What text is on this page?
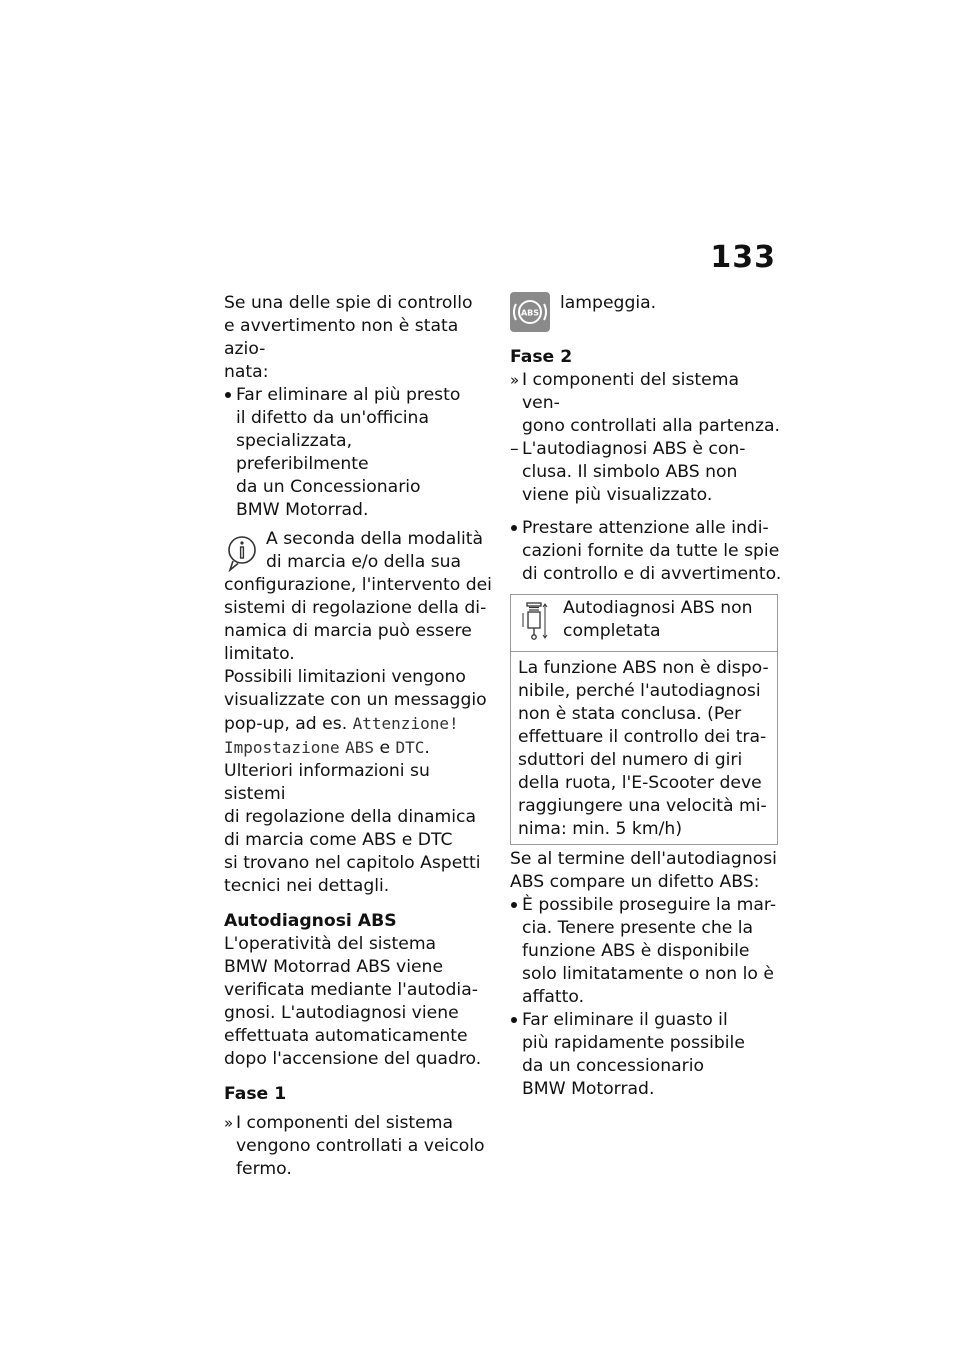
133

Se una delle spie di controllo e avvertimento non è stata azio-
nata:

Far eliminare al più presto
il difetto da un'officina
specializzata, preferibilmente
da un Concessionario
BMW Motorrad.

A seconda della modalità
di marcia e/o della sua

configurazione, l'intervento dei
sistemi di regolazione della di-
namica di marcia può essere
limitato.

Possibili limitazioni vengono
visualizzate con un messaggio
pop-up, ad es. Attenzione!
Impostazione ABS e DTC.

Ulteriori informazioni su sistemi
di regolazione della dinamica
di marcia come ABS e DTC
si trovano nel capitolo Aspetti
tecnici nei dettagli.

Autodiagnosi ABS

L'operatività del sistema
BMW Motorrad ABS viene
verificata mediante l'autodia-
gnosi. L'autodiagnosi viene
effettuata automaticamente
dopo l'accensione del quadro.

Fase 1

» I componenti del sistema
vengono controllati a veicolo
fermo.

ABS lampeggia.

Fase 2

» I componenti del sistema ven-
gono controllati alla partenza.

– L'autodiagnosi ABS è con-
clusa. Il simbolo ABS non
viene più visualizzato.

Prestare attenzione alle indi-
cazioni fornite da tutte le spie
di controllo e di avvertimento.

Autodiagnosi ABS non
completata

La funzione ABS non è dispo-
nibile, perché l'autodiagnosi
non è stata conclusa. (Per
effettuare il controllo dei tra-
sduttori del numero di giri
della ruota, l'E-Scooter deve
raggiungere una velocità mi-
nima: min. 5 km/h)

Se al termine dell'autodiagnosi
ABS compare un difetto ABS:

È possibile proseguire la mar-
cia. Tenere presente che la
funzione ABS è disponibile
solo limitatamente o non lo è
affatto.

Far eliminare il guasto il
più rapidamente possibile
da un concessionario
BMW Motorrad.
